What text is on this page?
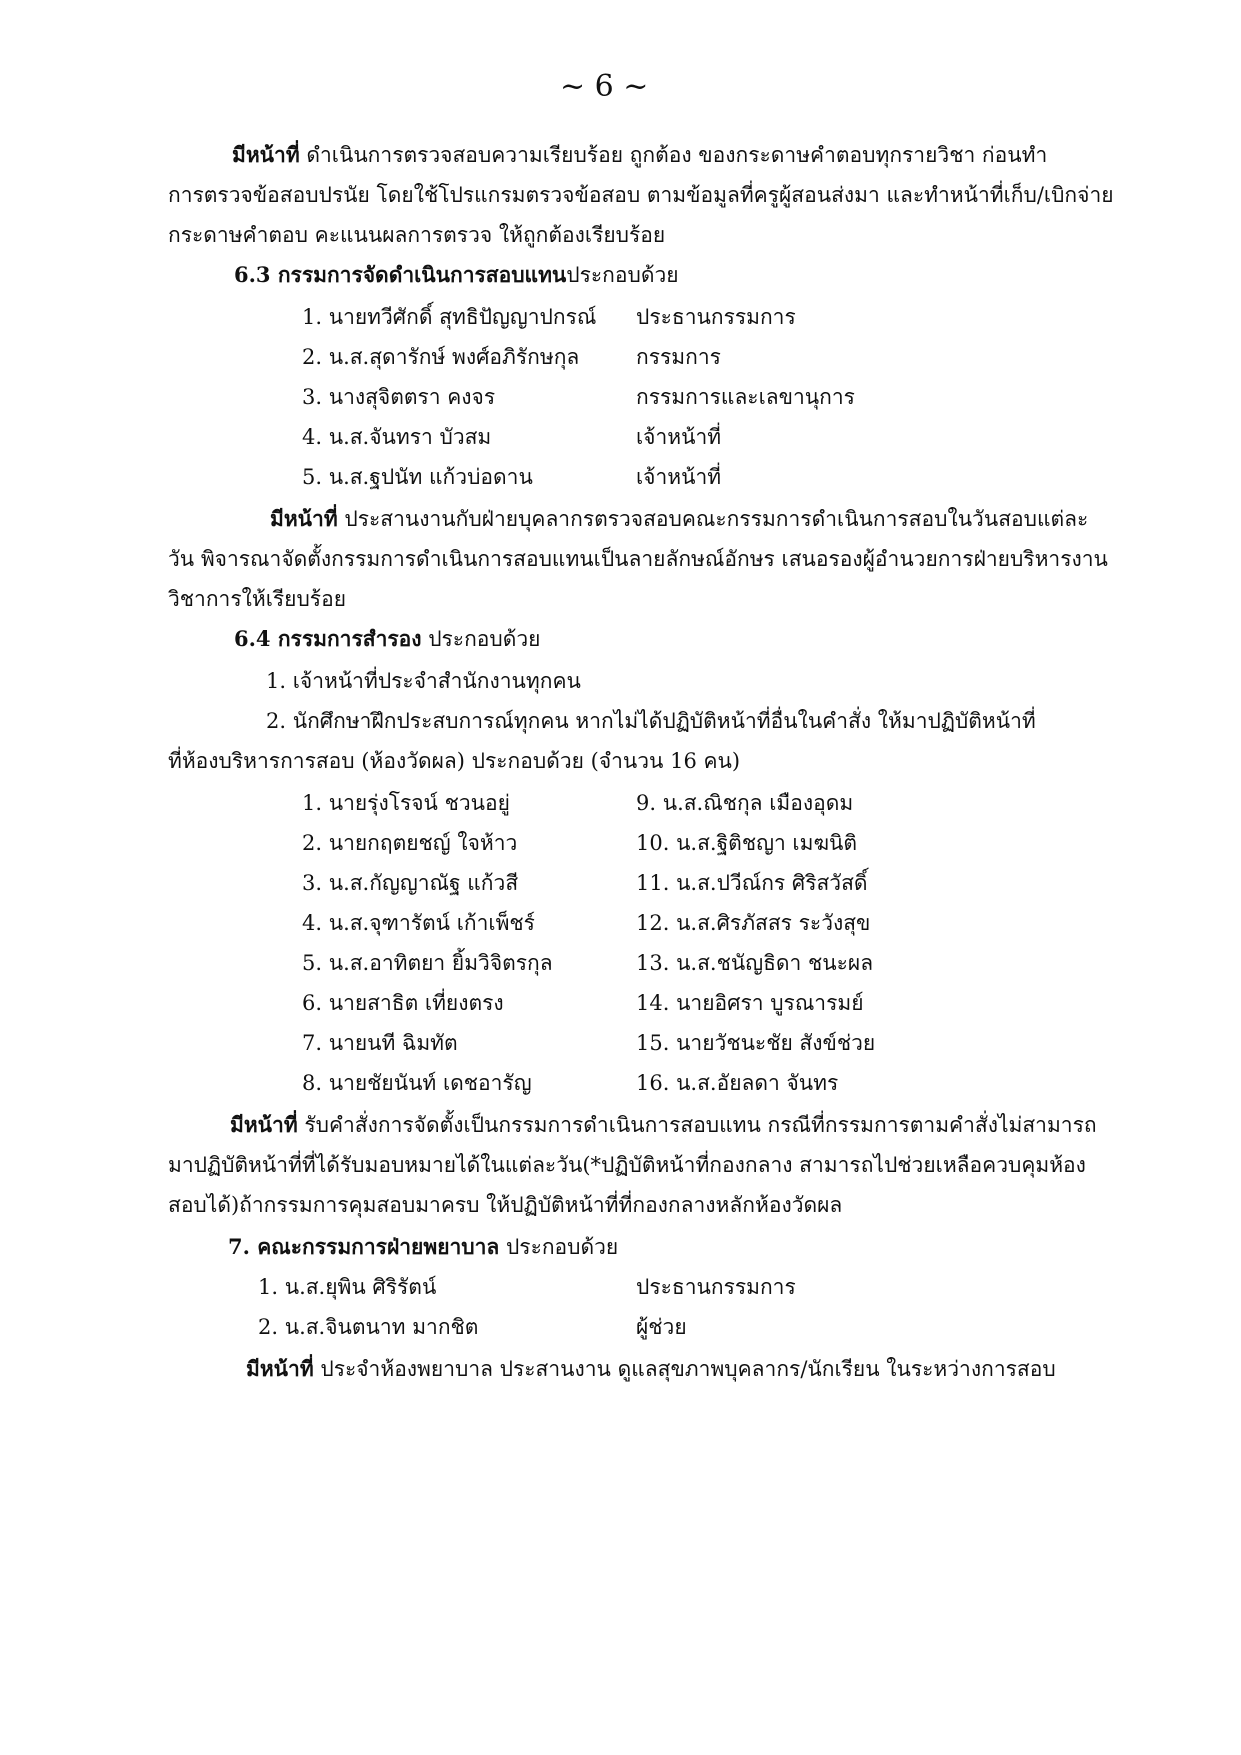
~ 6 ~
มีหน้าที่ ดำเนินการตรวจสอบความเรียบร้อย ถูกต้อง ของกระดาษคำตอบทุกรายวิชา ก่อนทำ
การตรวจข้อสอบปรนัย โดยใช้โปรแกรมตรวจข้อสอบ ตามข้อมูลที่ครูผู้สอนส่งมา และทำหน้าที่เก็บ/เบิกจ่าย
กระดาษคำตอบ คะแนนผลการตรวจ ให้ถูกต้องเรียบร้อย
6.3 กรรมการจัดดำเนินการสอบแทนประกอบด้วย
1. นายทวีศักดิ์ สุทธิปัญญาปกรณ์ ประธานกรรมการ
2. น.ส.สุดารักษ์ พงศ์อภิรักษกุล	กรรมการ
3. นางสุจิตตรา คงจร	กรรมการและเลขานุการ
4. น.ส.จันทรา บัวสม	เจ้าหน้าที่
5. น.ส.ฐปนัท แก้วบ่อดาน	เจ้าหน้าที่
มีหน้าที่ ประสานงานกับฝ่ายบุคลากรตรวจสอบคณะกรรมการดำเนินการสอบในวันสอบแต่ละ
วัน พิจารณาจัดตั้งกรรมการดำเนินการสอบแทนเป็นลายลักษณ์อักษร เสนอรองผู้อำนวยการฝ่ายบริหารงาน
วิชาการให้เรียบร้อย
6.4 กรรมการสำรอง ประกอบด้วย
1. เจ้าหน้าที่ประจำสำนักงานทุกคน
2. นักศึกษาฝึกประสบการณ์ทุกคน หากไม่ได้ปฏิบัติหน้าที่อื่นในคำสั่ง ให้มาปฏิบัติหน้าที่
ที่ห้องบริหารการสอบ (ห้องวัดผล) ประกอบด้วย (จำนวน 16 คน)
1. นายรุ่งโรจน์ ชวนอยู่	9. น.ส.ณิชกุล เมืองอุดม
2. นายกฤตยชญ์ ใจห้าว	10. น.ส.ฐิติชญา เมฆนิติ
3. น.ส.กัญญาณัฐ แก้วสี	11. น.ส.ปวีณ์กร ศิริสวัสดิ์
4. น.ส.จุฑารัตน์ เก้าเพ็ชร์	12. น.ส.ศิรภัสสร ระวังสุข
5. น.ส.อาทิตยา ยิ้มวิจิตรกุล	13. น.ส.ชนัญธิดา ชนะผล
6. นายสาธิต เที่ยงตรง	14. นายอิศรา บูรณารมย์
7. นายนที ฉิมทัต	15. นายวัชนะชัย สังข์ช่วย
8. นายชัยนันท์ เดชอารัญ	16. น.ส.อัยลดา จันทร
มีหน้าที่ รับคำสั่งการจัดตั้งเป็นกรรมการดำเนินการสอบแทน กรณีที่กรรมการตามคำสั่งไม่สามารถ
มาปฏิบัติหน้าที่ที่ได้รับมอบหมายได้ในแต่ละวัน(*ปฏิบัติหน้าที่กองกลาง สามารถไปช่วยเหลือควบคุมห้อง
สอบได้)ถ้ากรรมการคุมสอบมาครบ ให้ปฏิบัติหน้าที่ที่กองกลางหลักห้องวัดผล
7. คณะกรรมการฝ่ายพยาบาล ประกอบด้วย
1. น.ส.ยุพิน ศิริรัตน์	ประธานกรรมการ
2. น.ส.จินตนาท มากชิต	ผู้ช่วย
มีหน้าที่ ประจำห้องพยาบาล ประสานงาน ดูแลสุขภาพบุคลากร/นักเรียน ในระหว่างการสอบ
